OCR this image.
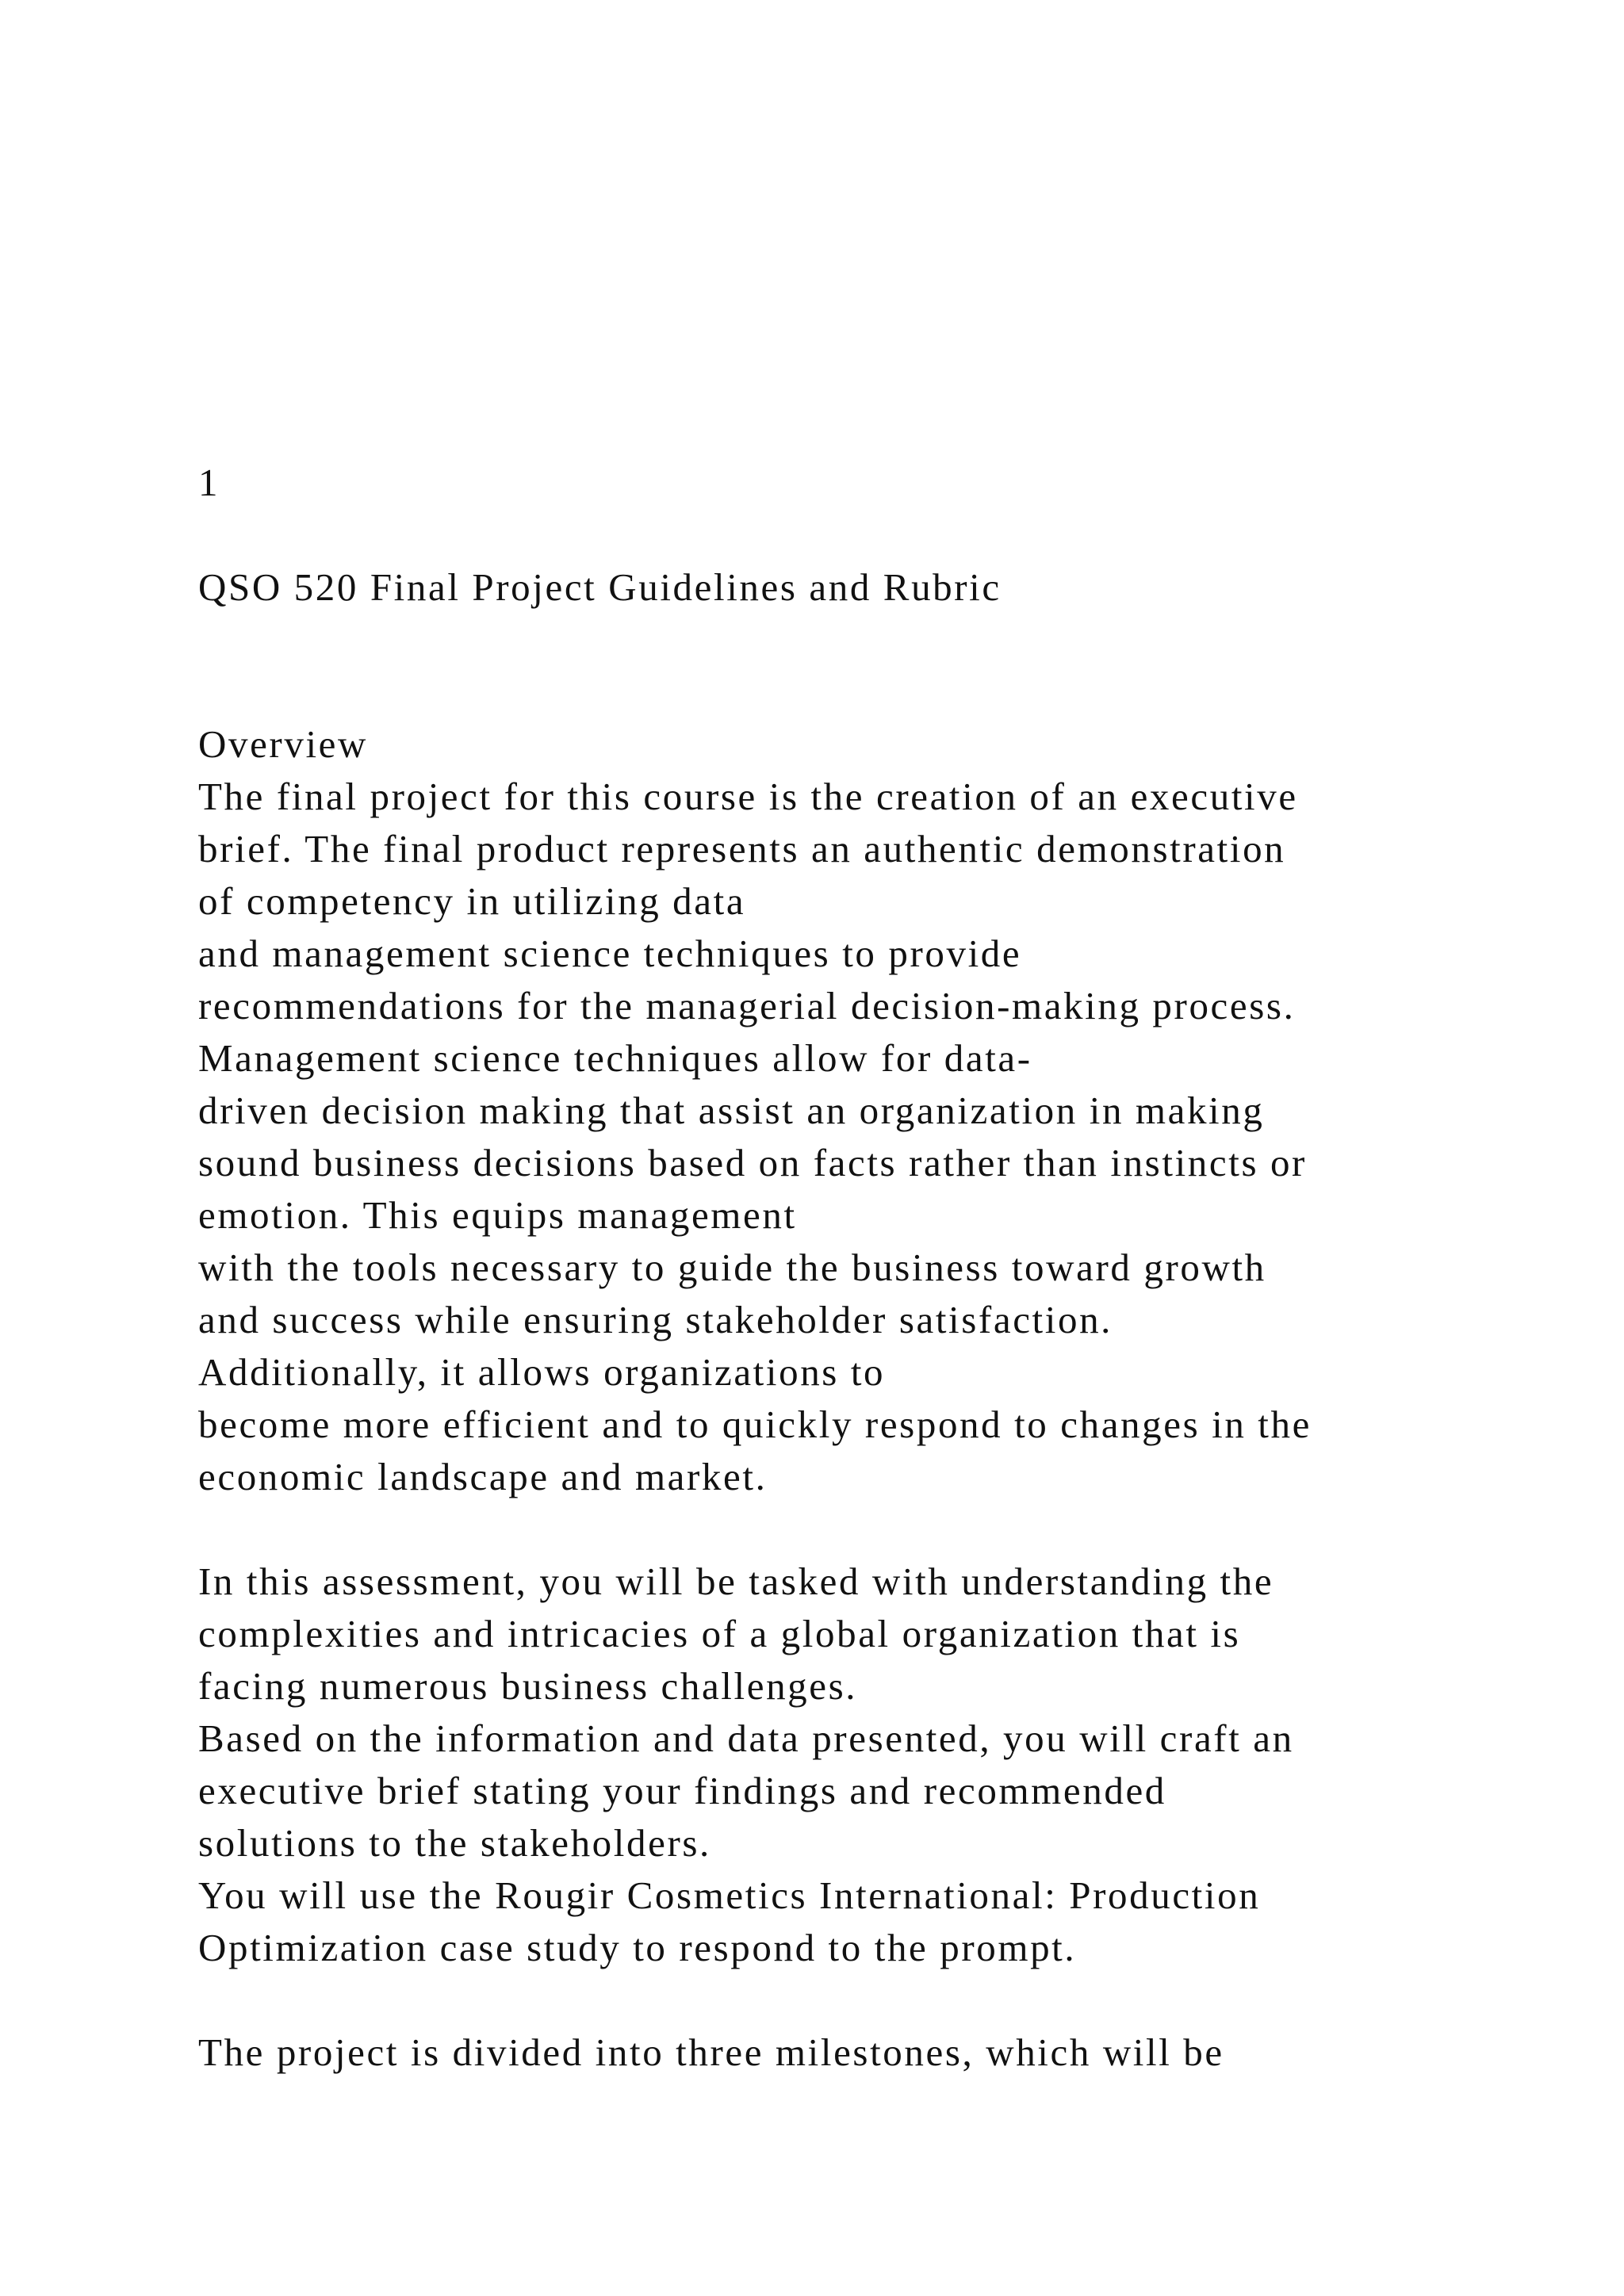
1

QSO 520 Final Project Guidelines and Rubric

Overview

The final project for this course is the creation of an executive

brief. The final product represents an authentic demonstration

of competency in utilizing data

and management science techniques to provide

recommendations for the managerial decision-making process.

Management science techniques allow for data-

driven decision making that assist an organization in making

sound business decisions based on facts rather than instincts or

emotion. This equips management

with the tools necessary to guide the business toward growth

and success while ensuring stakeholder satisfaction.

Additionally, it allows organizations to

become more efficient and to quickly respond to changes in the

economic landscape and market.

In this assessment, you will be tasked with understanding the

complexities and intricacies of a global organization that is

facing numerous business challenges.

Based on the information and data presented, you will craft an

executive brief stating your findings and recommended

solutions to the stakeholders.

You will use the Rougir Cosmetics International: Production

Optimization case study to respond to the prompt.

The project is divided into three milestones, which will be
